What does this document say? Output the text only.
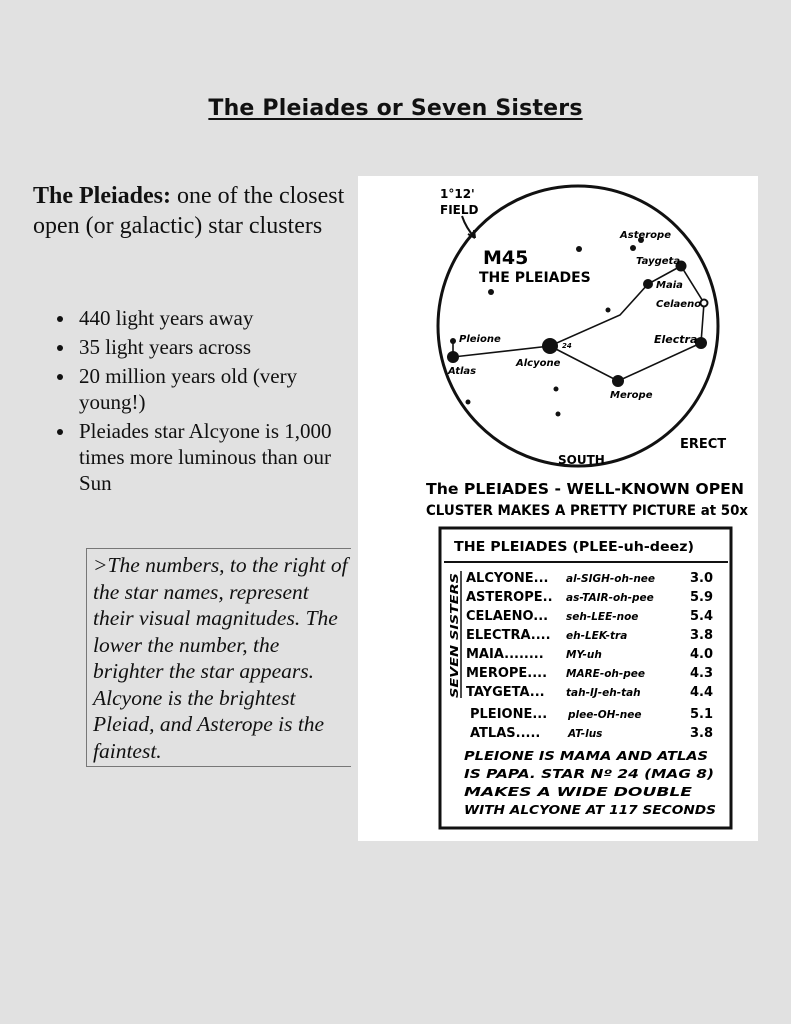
The Pleiades or Seven Sisters
The Pleiades: one of the closest open (or galactic) star clusters
440 light years away
35 light years across
20 million years old (very young!)
Pleiades star Alcyone is 1,000 times more luminous than our Sun
>The numbers, to the right of the star names, represent their visual magnitudes. The lower the number, the brighter the star appears. Alcyone is the brightest Pleiad, and Asterope is the faintest.
1°12'
FIELD
M45
THE PLEIADES
Asterope
Taygeta
Maia
Celaeno
Electra
Pleione
Atlas
Alcyone
24
Merope
SOUTH
ERECT
The PLEIADES - WELL-KNOWN OPEN
CLUSTER MAKES A PRETTY PICTURE at 50x
THE PLEIADES (PLEE-uh-deez)
SEVEN SISTERS
ALCYONE... al-SIGH-oh-nee	3.0
ASTEROPE.. as-TAIR-oh-pee	5.9
CELAENO... seh-LEE-noe	5.4
ELECTRA.... eh-LEK-tra	3.8
MAIA........ MY-uh	4.0
MEROPE.... MARE-oh-pee	4.3
TAYGETA... tah-IJ-eh-tah	4.4
PLEIONE... plee-OH-nee	5.1
ATLAS.....	AT-lus	3.8
PLEIONE IS MAMA AND ATLAS
IS PAPA. STAR Nº 24 (MAG 8)
MAKES A WIDE DOUBLE
WITH ALCYONE AT 117 SECONDS
